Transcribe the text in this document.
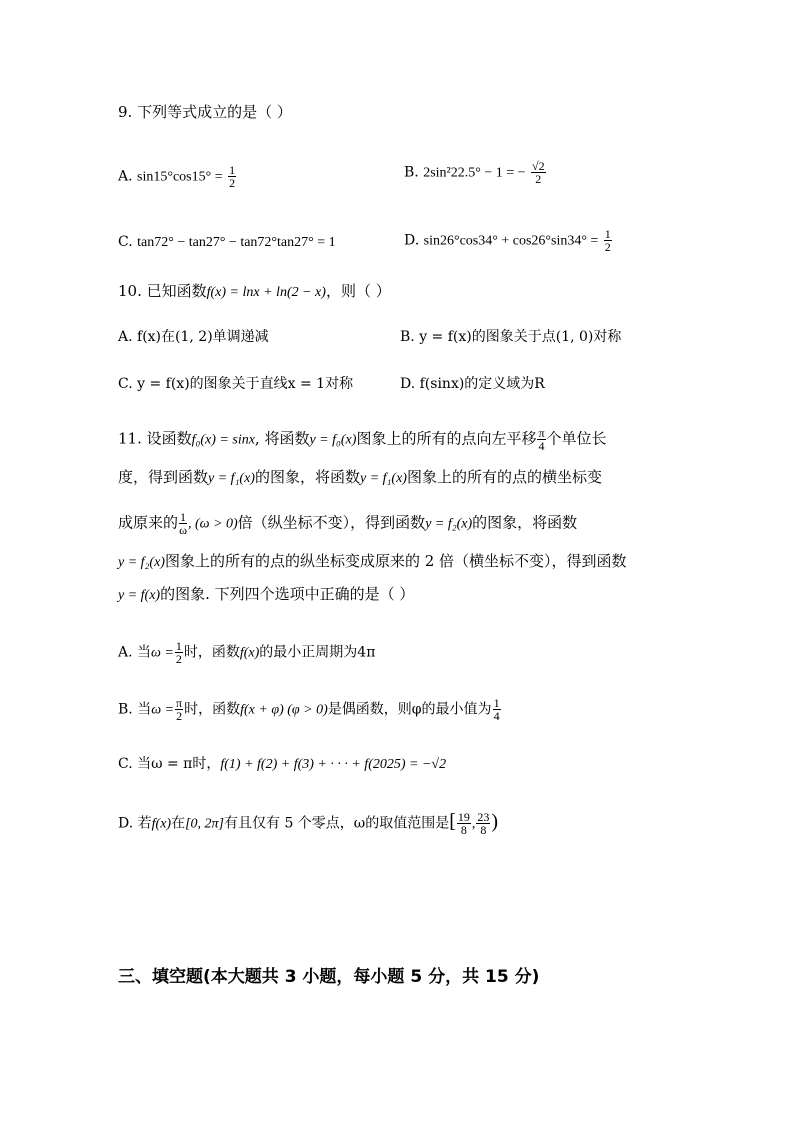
9. 下列等式成立的是（ ）
A. $\sin 15^\circ\cos 15^\circ = \frac{1}{2}$	B. 2sin²22.5° − 1 = − $\frac{√2}{2}$
C. tan72° − tan27° − tan72°tan27° = 1	D. $\sin 26^\circ\cos 34^\circ + \cos 26^\circ\sin 34^\circ = \frac{1}{2}$
10. 已知函数f(x) = lnx + ln(2 − x)，则（ ）
A. f(x)在(1, 2)单调递减	B. y = f(x)的图象关于点(1, 0)对称
C. y = f(x)的图象关于直线x = 1对称	D. f(sinx)的定义域为R
11. 设函数f₀(x) = sinx, 将函数y = f₀(x)图象上的所有的点向左平移 $\frac{\pi}{4}$ 个单位长
度，得到函数y = f₁(x)的图象，将函数y = f₁(x)图象上的所有的点的横坐标变
成原来的 $\frac{1}{\omega}$ , (ω > 0)倍（纵坐标不变），得到函数y = f₂(x)的图象，将函数
y = f₂(x)图象上的所有的点的纵坐标变成原来的 2 倍（横坐标不变），得到函数
y = f(x)的图象. 下列四个选项中正确的是（ ）
A. 当$\omega = \frac{1}{2}$ 时，函数f(x)的最小正周期为4π
B. 当$\omega = \frac{\pi}{2}$ 时，函数f(x + φ) (φ > 0)是偶函数，则φ的最小值为 $\frac{1}{4}$
C. 当ω = π时，f(1) + f(2) + f(3) + · · · + f(2025) = −√2
D. 若f(x)在[0, 2π]有且仅有 5 个零点，ω的取值范围是[ $\frac{19}{8}$ , $\frac{23}{8}$ )
三、填空题(本大题共 3 小题，每小题 5 分，共 15 分)
